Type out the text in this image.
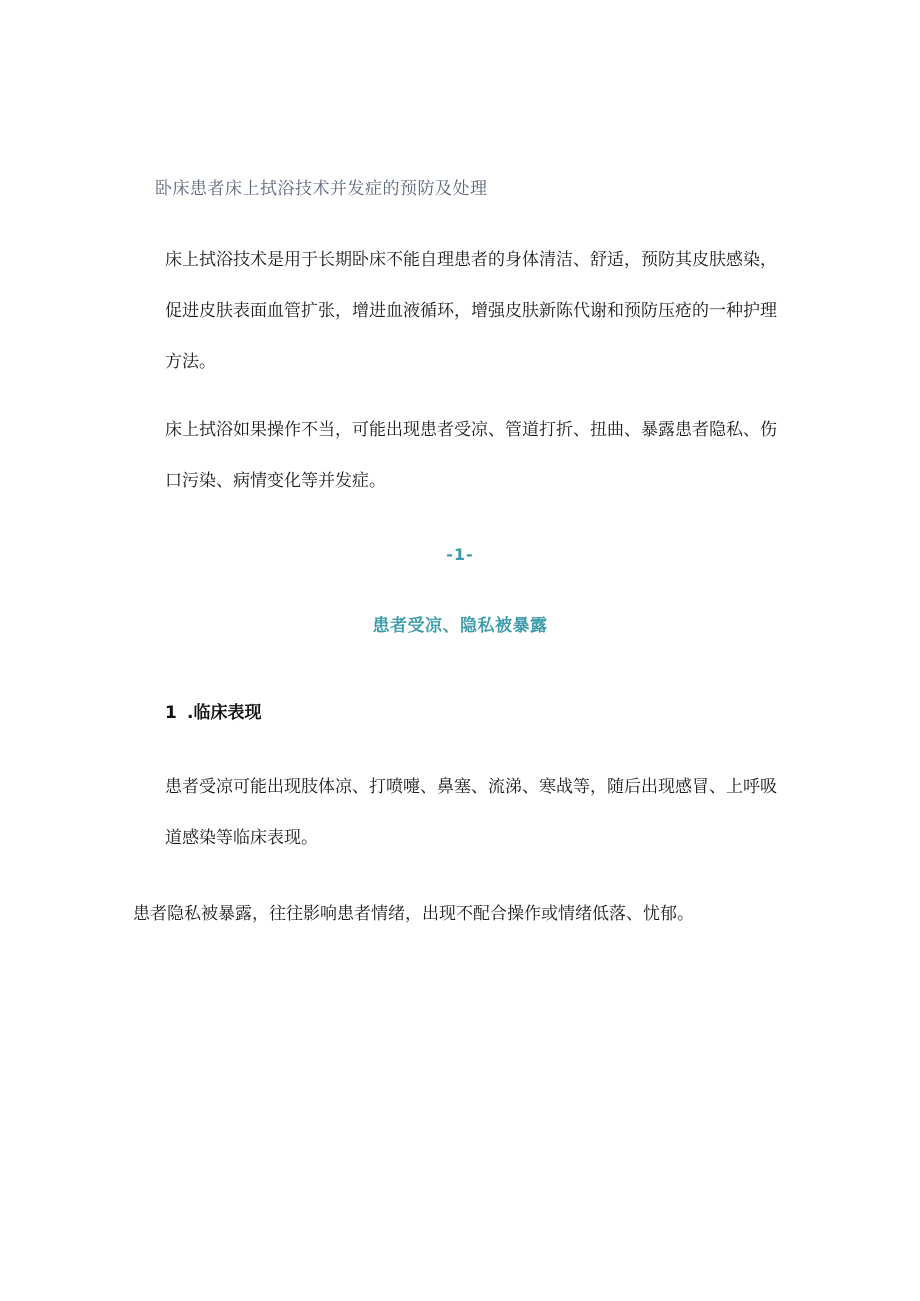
卧床患者床上拭浴技术并发症的预防及处理
床上拭浴技术是用于长期卧床不能自理患者的身体清洁、舒适，预防其皮肤感染，促进皮肤表面血管扩张，增进血液循环，增强皮肤新陈代谢和预防压疮的一种护理方法。
床上拭浴如果操作不当，可能出现患者受凉、管道打折、扭曲、暴露患者隐私、伤口污染、病情变化等并发症。
-1-
患者受凉、隐私被暴露
1 .临床表现
患者受凉可能出现肢体凉、打喷嚏、鼻塞、流涕、寒战等，随后出现感冒、上呼吸道感染等临床表现。
患者隐私被暴露，往往影响患者情绪，出现不配合操作或情绪低落、忧郁。
